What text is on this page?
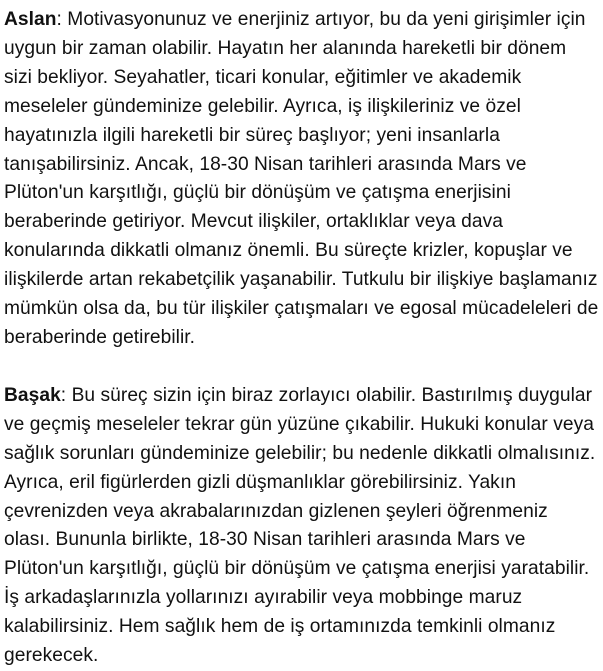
Aslan: Motivasyonunuz ve enerjiniz artıyor, bu da yeni girişimler için uygun bir zaman olabilir. Hayatın her alanında hareketli bir dönem sizi bekliyor. Seyahatler, ticari konular, eğitimler ve akademik meseleler gündeminize gelebilir. Ayrıca, iş ilişkileriniz ve özel hayatınızla ilgili hareketli bir süreç başlıyor; yeni insanlarla tanışabilirsiniz. Ancak, 18-30 Nisan tarihleri arasında Mars ve Plüton'un karşıtlığı, güçlü bir dönüşüm ve çatışma enerjisini beraberinde getiriyor. Mevcut ilişkiler, ortaklıklar veya dava konularında dikkatli olmanız önemli. Bu süreçte krizler, kopuşlar ve ilişkilerde artan rekabetçilik yaşanabilir. Tutkulu bir ilişkiye başlamanız mümkün olsa da, bu tür ilişkiler çatışmaları ve egosal mücadeleleri de beraberinde getirebilir.

Başak: Bu süreç sizin için biraz zorlayıcı olabilir. Bastırılmış duygular ve geçmiş meseleler tekrar gün yüzüne çıkabilir. Hukuki konular veya sağlık sorunları gündeminize gelebilir; bu nedenle dikkatli olmalısınız. Ayrıca, eril figürlerden gizli düşmanlıklar görebilirsiniz. Yakın çevrenizden veya akrabalarınızdan gizlenen şeyleri öğrenmeniz olası. Bununla birlikte, 18-30 Nisan tarihleri arasında Mars ve Plüton'un karşıtlığı, güçlü bir dönüşüm ve çatışma enerjisi yaratabilir. İş arkadaşlarınızla yollarınızı ayırabilir veya mobbinge maruz kalabilirsiniz. Hem sağlık hem de iş ortamınızda temkinli olmanız gerekecek.
